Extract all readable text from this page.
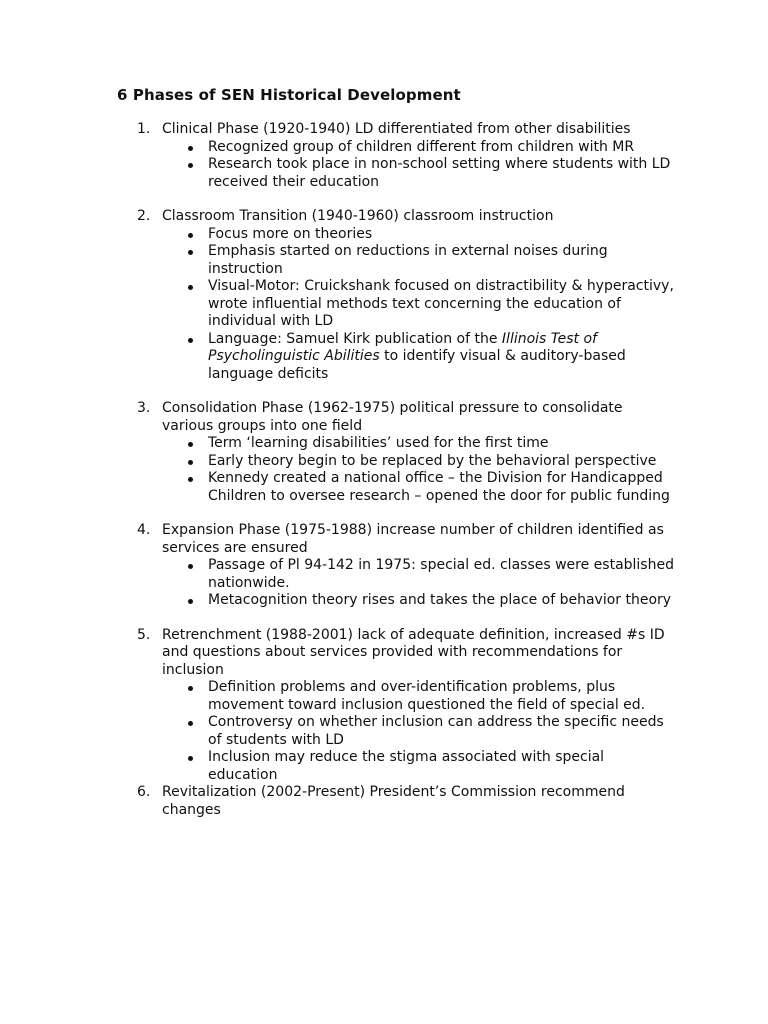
6 Phases of SEN Historical Development
1. Clinical Phase (1920-1940) LD differentiated from other disabilities
Recognized group of children different from children with MR
Research took place in non-school setting where students with LD received their education
2. Classroom Transition (1940-1960) classroom instruction
Focus more on theories
Emphasis started on reductions in external noises during instruction
Visual-Motor: Cruickshank focused on distractibility & hyperactivy, wrote influential methods text concerning the education of individual with LD
Language: Samuel Kirk publication of the Illinois Test of Psycholinguistic Abilities to identify visual & auditory-based language deficits
3. Consolidation Phase (1962-1975) political pressure to consolidate various groups into one field
Term ‘learning disabilities’ used for the first time
Early theory begin to be replaced by the behavioral perspective
Kennedy created a national office – the Division for Handicapped Children to oversee research – opened the door for public funding
4. Expansion Phase (1975-1988) increase number of children identified as services are ensured
Passage of Pl 94-142 in 1975: special ed. classes were established nationwide.
Metacognition theory rises and takes the place of behavior theory
5. Retrenchment (1988-2001) lack of adequate definition, increased #s ID and questions about services provided with recommendations for inclusion
Definition problems and over-identification problems, plus movement toward inclusion questioned the field of special ed.
Controversy on whether inclusion can address the specific needs of students with LD
Inclusion may reduce the stigma associated with special education
6. Revitalization (2002-Present) President’s Commission recommend changes
